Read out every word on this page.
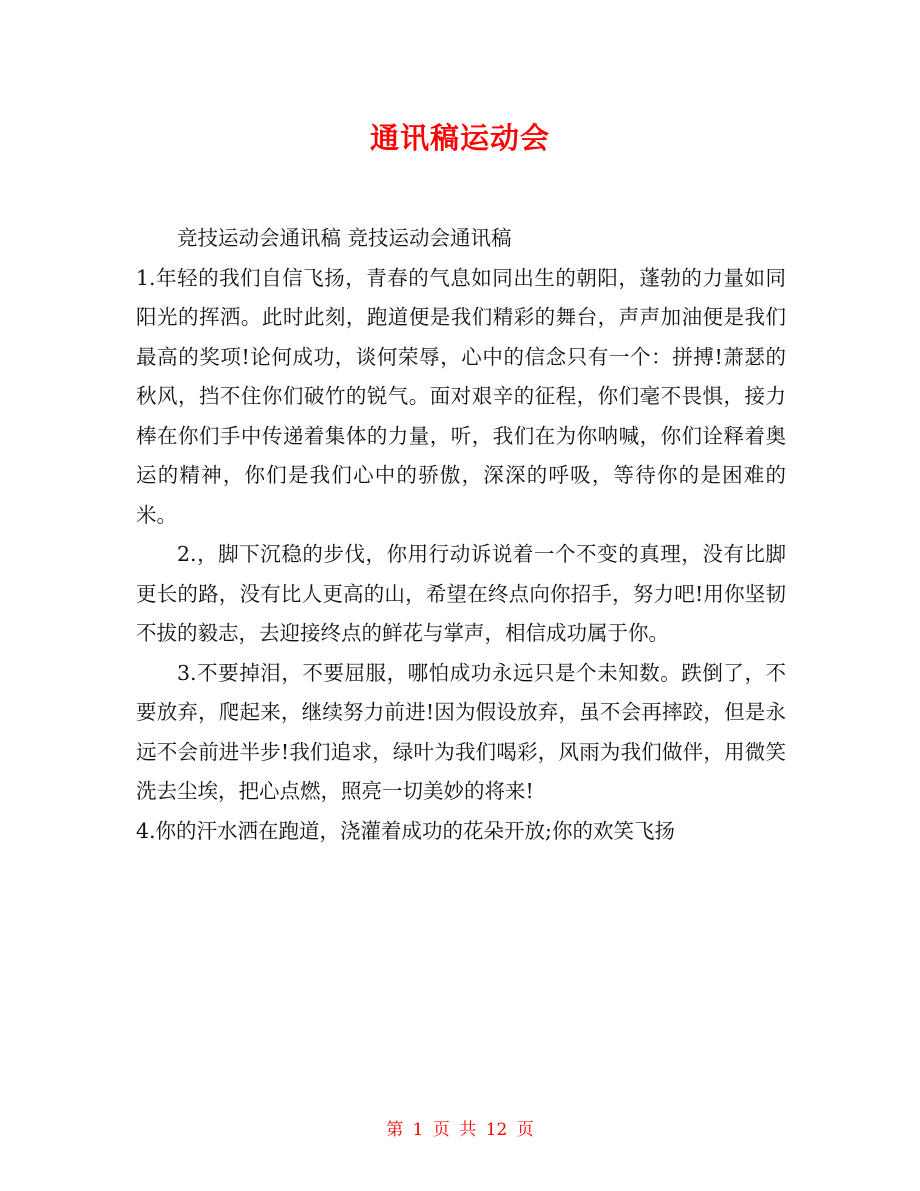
通讯稿运动会

竞技运动会通讯稿 竞技运动会通讯稿

1.年轻的我们自信飞扬，青春的气息如同出生的朝阳，蓬勃的力量如同阳光的挥洒。此时此刻，跑道便是我们精彩的舞台，声声加油便是我们最高的奖项!论何成功，谈何荣辱，心中的信念只有一个：拼搏!萧瑟的秋风，挡不住你们破竹的锐气。面对艰辛的征程，你们毫不畏惧，接力棒在你们手中传递着集体的力量，听，我们在为你呐喊，你们诠释着奥运的精神，你们是我们心中的骄傲，深深的呼吸，等待你的是困难的米。

2.，脚下沉稳的步伐，你用行动诉说着一个不变的真理，没有比脚更长的路，没有比人更高的山，希望在终点向你招手，努力吧!用你坚韧不拔的毅志，去迎接终点的鲜花与掌声，相信成功属于你。

3.不要掉泪，不要屈服，哪怕成功永远只是个未知数。跌倒了，不要放弃，爬起来，继续努力前进!因为假设放弃，虽不会再摔跤，但是永远不会前进半步!我们追求，绿叶为我们喝彩，风雨为我们做伴，用微笑洗去尘埃，把心点燃，照亮一切美妙的将来!

4.你的汗水洒在跑道，浇灌着成功的花朵开放;你的欢笑飞扬

第 1 页 共 12 页
